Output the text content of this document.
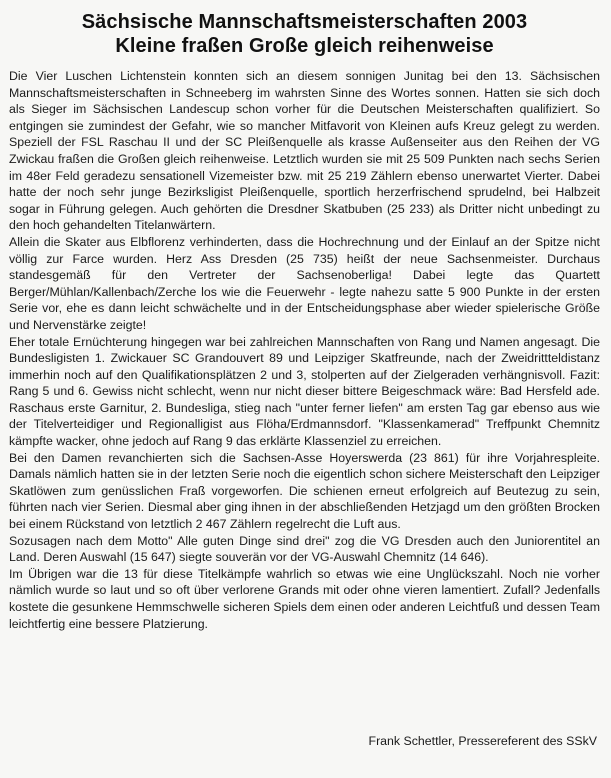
Sächsische Mannschaftsmeisterschaften 2003
Kleine fraßen Große gleich reihenweise

Die Vier Luschen Lichtenstein konnten sich an diesem sonnigen Junitag bei den 13. Sächsischen Mannschaftsmeisterschaften in Schneeberg im wahrsten Sinne des Wortes sonnen. Hatten sie sich doch als Sieger im Sächsischen Landescup schon vorher für die Deutschen Meisterschaften qualifiziert. So entgingen sie zumindest der Gefahr, wie so mancher Mitfavorit von Kleinen aufs Kreuz gelegt zu werden. Speziell der FSL Raschau II und der SC Pleißenquelle als krasse Außenseiter aus den Reihen der VG Zwickau fraßen die Großen gleich reihenweise. Letztlich wurden sie mit 25 509 Punkten nach sechs Serien im 48er Feld geradezu sensationell Vizemeister bzw. mit 25 219 Zählern ebenso unerwartet Vierter. Dabei hatte der noch sehr junge Bezirksligist Pleißenquelle, sportlich herzerfrischend sprudelnd, bei Halbzeit sogar in Führung gelegen. Auch gehörten die Dresdner Skatbuben (25 233) als Dritter nicht unbedingt zu den hoch gehandelten Titelanwärtern.

Allein die Skater aus Elbflorenz verhinderten, dass die Hochrechnung und der Einlauf an der Spitze nicht völlig zur Farce wurden. Herz Ass Dresden (25 735) heißt der neue Sachsenmeister. Durchaus standesgemäß für den Vertreter der Sachsenoberliga! Dabei legte das Quartett Berger/Mühlan/Kallenbach/Zerche los wie die Feuerwehr - legte nahezu satte 5 900 Punkte in der ersten Serie vor, ehe es dann leicht schwächelte und in der Entscheidungsphase aber wieder spielerische Größe und Nervenstärke zeigte!

Eher totale Ernüchterung hingegen war bei zahlreichen Mannschaften von Rang und Namen angesagt. Die Bundesligisten 1. Zwickauer SC Grandouvert 89 und Leipziger Skatfreunde, nach der Zweidrittteldistanz immerhin noch auf den Qualifikationsplätzen 2 und 3, stolperten auf der Zielgeraden verhängnisvoll. Fazit: Rang 5 und 6. Gewiss nicht schlecht, wenn nur nicht dieser bittere Beigeschmack wäre: Bad Hersfeld ade. Raschaus erste Garnitur, 2. Bundesliga, stieg nach "unter ferner liefen" am ersten Tag gar ebenso aus wie der Titelverteidiger und Regionalligist aus Flöha/Erdmannsdorf. "Klassenkamerad" Treffpunkt Chemnitz kämpfte wacker, ohne jedoch auf Rang 9 das erklärte Klassenziel zu erreichen.

Bei den Damen revanchierten sich die Sachsen-Asse Hoyerswerda (23 861) für ihre Vorjahrespleite. Damals nämlich hatten sie in der letzten Serie noch die eigentlich schon sichere Meisterschaft den Leipziger Skatlöwen zum genüsslichen Fraß vorgeworfen. Die schienen erneut erfolgreich auf Beutezug zu sein, führten nach vier Serien. Diesmal aber ging ihnen in der abschließenden Hetzjagd um den größten Brocken bei einem Rückstand von letztlich 2 467 Zählern regelrecht die Luft aus.

Sozusagen nach dem Motto" Alle guten Dinge sind drei" zog die VG Dresden auch den Juniorentitel an Land. Deren Auswahl (15 647) siegte souverän vor der VG-Auswahl Chemnitz (14 646).

Im Übrigen war die 13 für diese Titelkämpfe wahrlich so etwas wie eine Unglückszahl. Noch nie vorher nämlich wurde so laut und so oft über verlorene Grands mit oder ohne vieren lamentiert. Zufall? Jedenfalls kostete die gesunkene Hemmschwelle sicheren Spiels dem einen oder anderen Leichtfuß und dessen Team leichtfertig eine bessere Platzierung.

Frank Schettler, Pressereferent des SSkV
